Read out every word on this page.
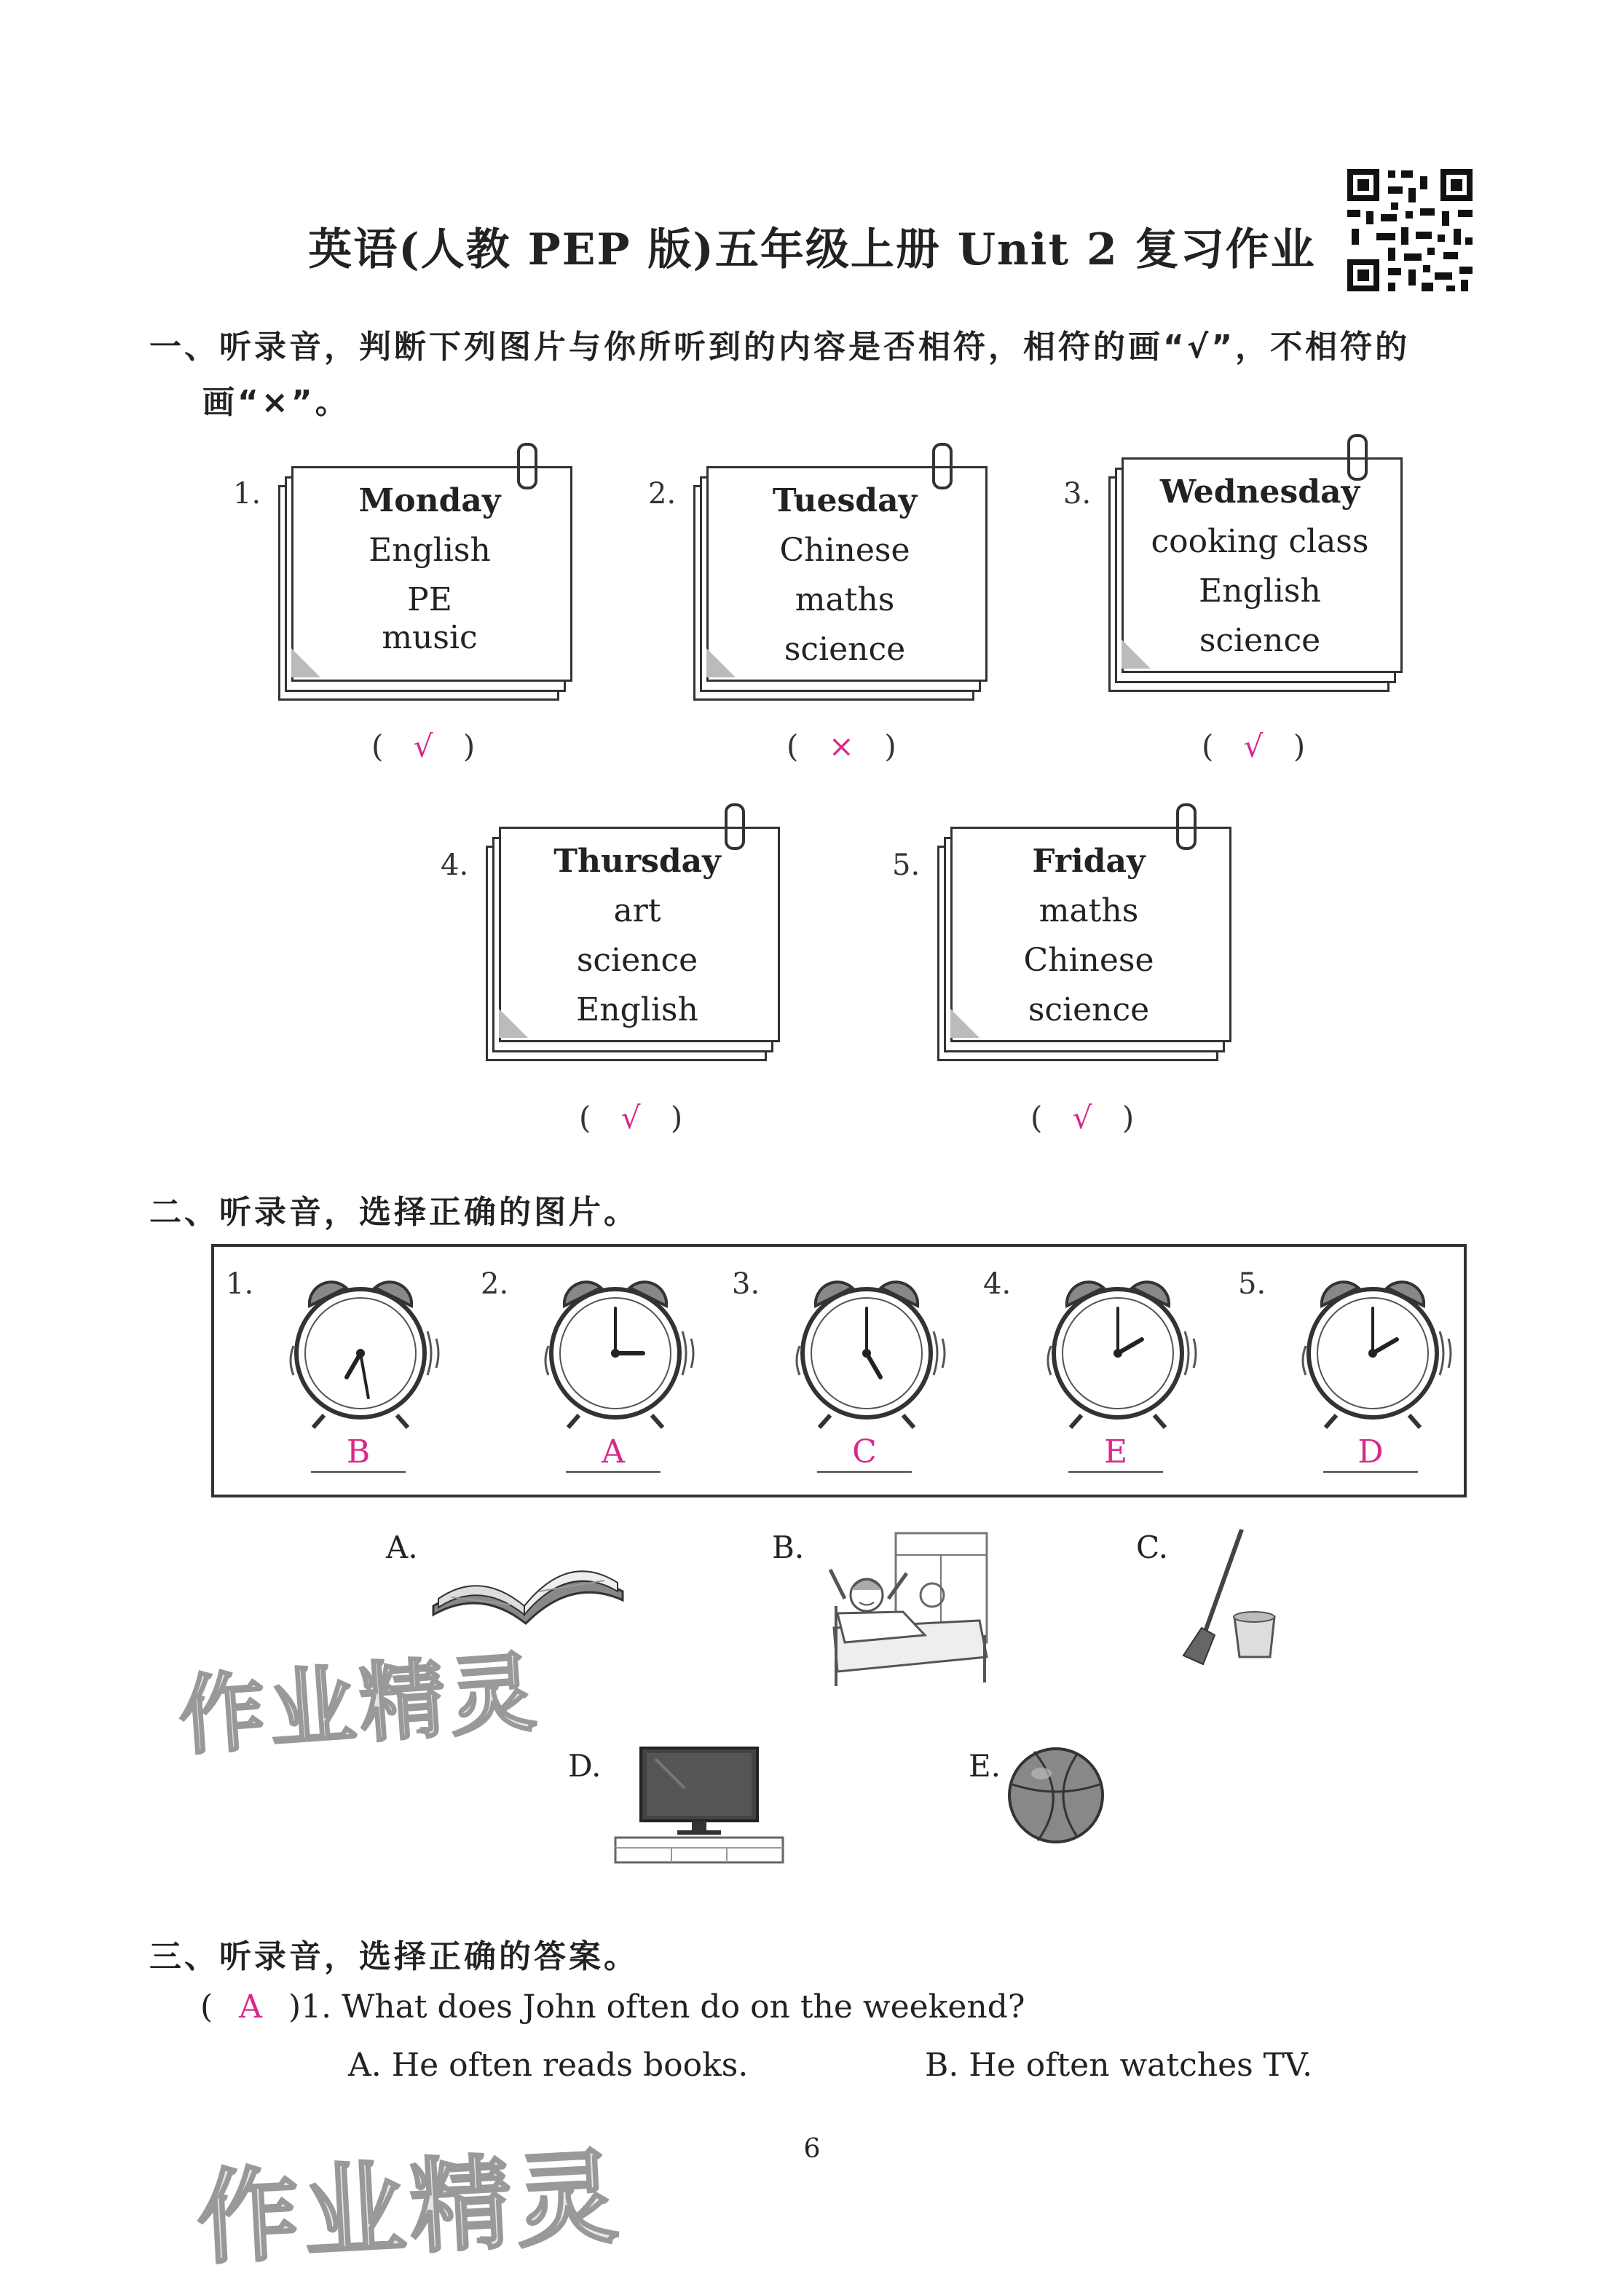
英语(人教 PEP 版)五年级上册 Unit 2 复习作业
一、听录音，判断下列图片与你所听到的内容是否相符，相符的画“√”，不相符的
画“×”。
1.	Monday
English
PE
music
( √ )
2.	Tuesday
Chinese
maths
science
( × )
3.	Wednesday
cooking class
English
science
( √ )
4.	Thursday
art
science
English
( √ )
5.	Friday
maths
Chinese
science
( √ )
二、听录音，选择正确的图片。
1.
B
2.
A
3.
C
4.
E
5.
D
A.	B.	C.
D.	E.
作业精灵
作业精灵
三、听录音，选择正确的答案。
( A )1. What does John often do on the weekend?
A. He often reads books.	B. He often watches TV.
6
